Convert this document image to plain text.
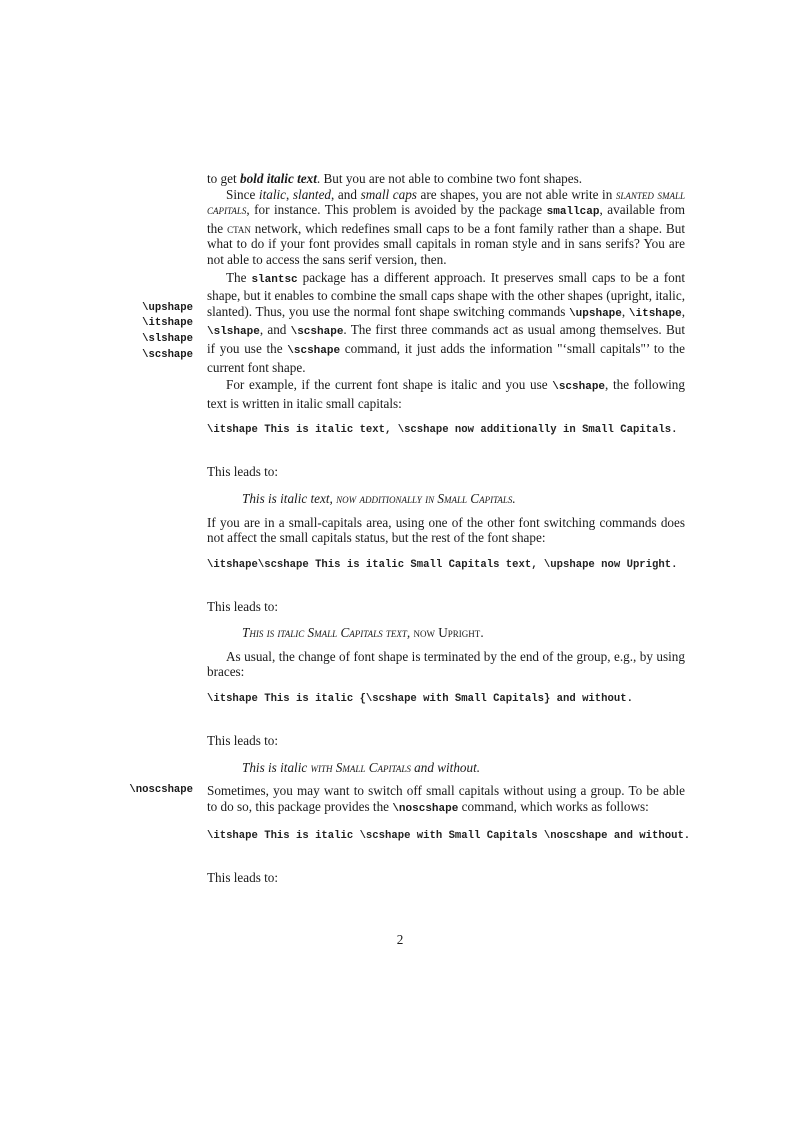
to get bold italic text. But you are not able to combine two font shapes.
Since italic, slanted, and small caps are shapes, you are not able write in slanted small capitals, for instance. This problem is avoided by the package smallcap, available from the ctan network, which redefines small caps to be a font family rather than a shape. But what to do if your font provides small capitals in roman style and in sans serifs? You are not able to access the sans serif version, then.
\upshape
\itshape
\slshape
\scshape
The slantsc package has a different approach. It preserves small caps to be a font shape, but it enables to combine the small caps shape with the other shapes (upright, italic, slanted). Thus, you use the normal font shape switching commands \upshape, \itshape, \slshape, and \scshape. The first three commands act as usual among themselves. But if you use the \scshape command, it just adds the information "‘small capitals"’ to the current font shape.
For example, if the current font shape is italic and you use \scshape, the following text is written in italic small capitals:
\itshape This is italic text, \scshape now additionally in Small Capitals.
This leads to:
This is italic text, now additionally in Small Capitals.
If you are in a small-capitals area, using one of the other font switching commands does not affect the small capitals status, but the rest of the font shape:
\itshape\scshape This is italic Small Capitals text, \upshape now Upright.
This leads to:
This is italic Small Capitals text, now Upright.
As usual, the change of font shape is terminated by the end of the group, e.g., by using braces:
\itshape This is italic {\scshape with Small Capitals} and without.
This leads to:
This is italic with Small Capitals and without.
\noscshape Sometimes, you may want to switch off small capitals without using a group. To be able to do so, this package provides the \noscshape command, which works as follows:
\itshape This is italic \scshape with Small Capitals \noscshape and without.
This leads to:
2
